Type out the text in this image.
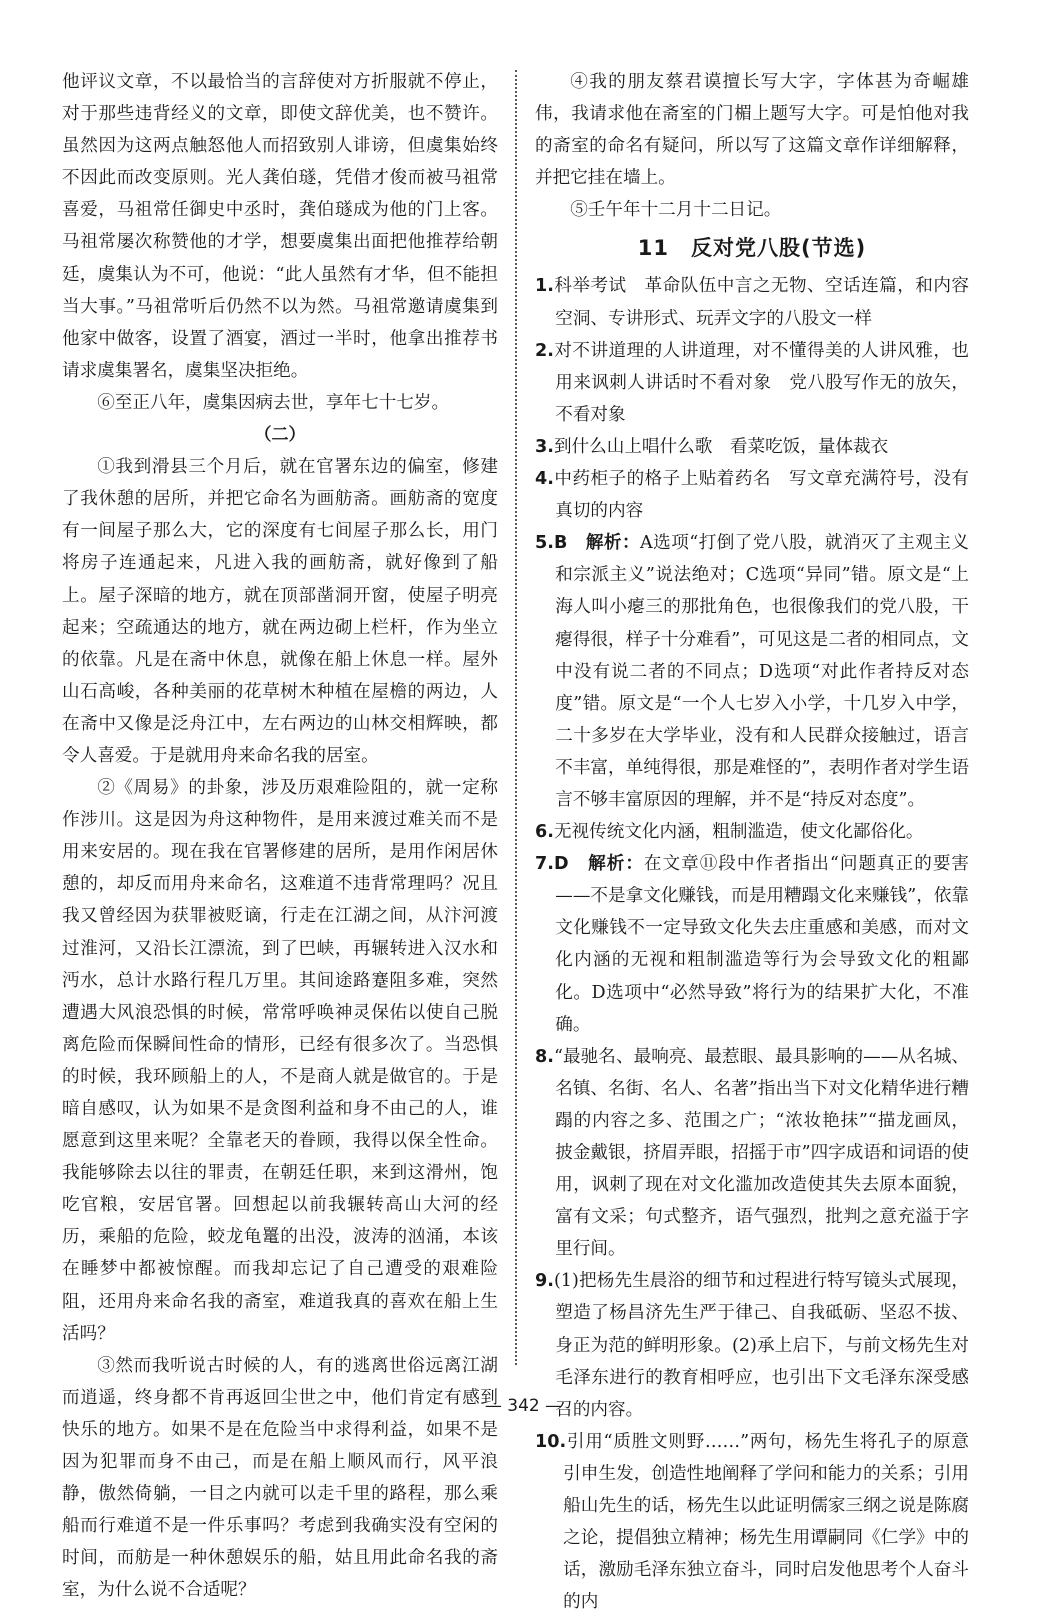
他评议文章，不以最恰当的言辞使对方折服就不停止，对于那些违背经义的文章，即使文辞优美，也不赞许。虽然因为这两点触怒他人而招致别人诽谤，但虞集始终不因此而改变原则。光人龚伯璲，凭借才俊而被马祖常喜爱，马祖常任御史中丞时，龚伯璲成为他的门上客。马祖常屡次称赞他的才学，想要虞集出面把他推荐给朝廷，虞集认为不可，他说：“此人虽然有才华，但不能担当大事。”马祖常听后仍然不以为然。马祖常邀请虞集到他家中做客，设置了酒宴，酒过一半时，他拿出推荐书请求虞集署名，虞集坚决拒绝。

⑥至正八年，虞集因病去世，享年七十七岁。

（二）

①我到滑县三个月后，就在官署东边的偏室，修建了我休憩的居所，并把它命名为画舫斋。画舫斋的宽度有一间屋子那么大，它的深度有七间屋子那么长，用门将房子连通起来，凡进入我的画舫斋，就好像到了船上。屋子深暗的地方，就在顶部凿洞开窗，使屋子明亮起来；空疏通达的地方，就在两边砌上栏杆，作为坐立的依靠。凡是在斋中休息，就像在船上休息一样。屋外山石高峻，各种美丽的花草树木种植在屋檐的两边，人在斋中又像是泛舟江中，左右两边的山林交相辉映，都令人喜爱。于是就用舟来命名我的居室。

②《周易》的卦象，涉及历艰难险阻的，就一定称作涉川。这是因为舟这种物件，是用来渡过难关而不是用来安居的。现在我在官署修建的居所，是用作闲居休憩的，却反而用舟来命名，这难道不违背常理吗？况且我又曾经因为获罪被贬谪，行走在江湖之间，从汴河渡过淮河，又沿长江漂流，到了巴峡，再辗转进入汉水和沔水，总计水路行程几万里。其间途路蹇阻多难，突然遭遇大风浪恐惧的时候，常常呼唤神灵保佑以使自己脱离危险而保瞬间性命的情形，已经有很多次了。当恐惧的时候，我环顾船上的人，不是商人就是做官的。于是暗自感叹，认为如果不是贪图利益和身不由己的人，谁愿意到这里来呢？全靠老天的眷顾，我得以保全性命。我能够除去以往的罪责，在朝廷任职，来到这滑州，饱吃官粮，安居官署。回想起以前我辗转高山大河的经历，乘船的危险，蛟龙龟鼍的出没，波涛的汹涌，本该在睡梦中都被惊醒。而我却忘记了自己遭受的艰难险阻，还用舟来命名我的斋室，难道我真的喜欢在船上生活吗？

③然而我听说古时候的人，有的逃离世俗远离江湖而逍遥，终身都不肯再返回尘世之中，他们肯定有感到快乐的地方。如果不是在危险当中求得利益，如果不是因为犯罪而身不由己，而是在船上顺风而行，风平浪静，傲然倚躺，一目之内就可以走千里的路程，那么乘船而行难道不是一件乐事吗？考虑到我确实没有空闲的时间，而舫是一种休憩娱乐的船，姑且用此命名我的斋室，为什么说不合适呢？

④我的朋友蔡君谟擅长写大字，字体甚为奇崛雄伟，我请求他在斋室的门楣上题写大字。可是怕他对我的斋室的命名有疑问，所以写了这篇文章作详细解释，并把它挂在墙上。

⑤壬午年十二月十二日记。

11　反对党八股(节选)

1.科举考试　革命队伍中言之无物、空话连篇，和内容空洞、专讲形式、玩弄文字的八股文一样

2.对不讲道理的人讲道理，对不懂得美的人讲风雅，也用来讽刺人讲话时不看对象　党八股写作无的放矢，不看对象

3.到什么山上唱什么歌　看菜吃饭，量体裁衣

4.中药柜子的格子上贴着药名　写文章充满符号，没有真切的内容

5.B　解析：A选项“打倒了党八股，就消灭了主观主义和宗派主义”说法绝对；C选项“异同”错。原文是“上海人叫小瘪三的那批角色，也很像我们的党八股，干瘪得很，样子十分难看”，可见这是二者的相同点，文中没有说二者的不同点；D选项“对此作者持反对态度”错。原文是“一个人七岁入小学，十几岁入中学，二十多岁在大学毕业，没有和人民群众接触过，语言不丰富，单纯得很，那是难怪的”，表明作者对学生语言不够丰富原因的理解，并不是“持反对态度”。

6.无视传统文化内涵，粗制滥造，使文化鄙俗化。

7.D　解析：在文章⑪段中作者指出“问题真正的要害——不是拿文化赚钱，而是用糟蹋文化来赚钱”，依靠文化赚钱不一定导致文化失去庄重感和美感，而对文化内涵的无视和粗制滥造等行为会导致文化的粗鄙化。D选项中“必然导致”将行为的结果扩大化，不准确。

8.“最驰名、最响亮、最惹眼、最具影响的——从名城、名镇、名街、名人、名著”指出当下对文化精华进行糟蹋的内容之多、范围之广；“浓妆艳抹”“描龙画凤，披金戴银，挤眉弄眼，招摇于市”四字成语和词语的使用，讽刺了现在对文化滥加改造使其失去原本面貌，富有文采；句式整齐，语气强烈，批判之意充溢于字里行间。

9.(1)把杨先生晨浴的细节和过程进行特写镜头式展现，塑造了杨昌济先生严于律己、自我砥砺、坚忍不拔、身正为范的鲜明形象。(2)承上启下，与前文杨先生对毛泽东进行的教育相呼应，也引出下文毛泽东深受感召的内容。

10.引用“质胜文则野……”两句，杨先生将孔子的原意引申生发，创造性地阐释了学问和能力的关系；引用船山先生的话，杨先生以此证明儒家三纲之说是陈腐之论，提倡独立精神；杨先生用谭嗣同《仁学》中的话，激励毛泽东独立奋斗，同时启发他思考个人奋斗的内

— 342 —
